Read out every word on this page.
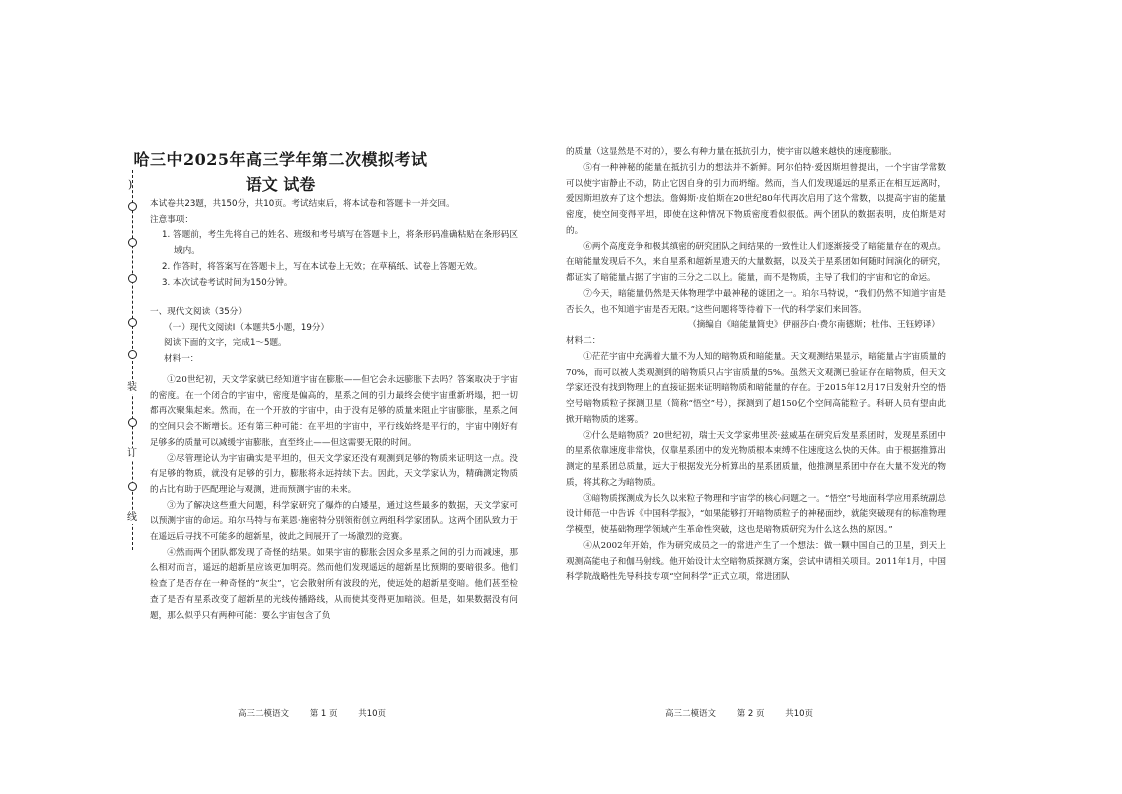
)
装
订
线
哈三中2025年高三学年第二次模拟考试
语文 试卷

本试卷共23题，共150分，共10页。考试结束后，将本试卷和答题卡一并交回。

注意事项：

1. 答题前，考生先将自己的姓名、班级和考号填写在答题卡上，将条形码准确粘贴在条形码区域内。

2. 作答时，将答案写在答题卡上，写在本试卷上无效；在草稿纸、试卷上答题无效。

3. 本次试卷考试时间为150分钟。

一、现代文阅读（35分）

（一）现代文阅读Ⅰ（本题共5小题，19分）

阅读下面的文字，完成1～5题。

材料一：

①20世纪初，天文学家就已经知道宇宙在膨胀——但它会永远膨胀下去吗？答案取决于宇宙的密度。在一个闭合的宇宙中，密度是偏高的，星系之间的引力最终会使宇宙重新坍塌，把一切都再次聚集起来。然而，在一个开放的宇宙中，由于没有足够的质量来阻止宇宙膨胀，星系之间的空间只会不断增长。还有第三种可能：在平坦的宇宙中，平行线始终是平行的，宇宙中刚好有足够多的质量可以减缓宇宙膨胀，直至终止——但这需要无限的时间。

②尽管理论认为宇宙确实是平坦的，但天文学家还没有观测到足够的物质来证明这一点。没有足够的物质，就没有足够的引力，膨胀将永远持续下去。因此，天文学家认为，精确测定物质的占比有助于匹配理论与观测，进而预测宇宙的未来。

③为了解决这些重大问题，科学家研究了爆炸的白矮星，通过这些最多的数据，天文学家可以预测宇宙的命运。珀尔马特与布莱恩·施密特分别领衔创立两组科学家团队。这两个团队致力于在遥远后寻找不可能多的超新星，彼此之间展开了一场激烈的竞赛。

④然而两个团队都发现了奇怪的结果。如果宇宙的膨胀会因众多星系之间的引力而减速，那么相对而言，遥远的超新星应该更加明亮。然而他们发现遥远的超新星比预期的要暗很多。他们检查了是否存在一种奇怪的“灰尘”，它会散射所有波段的光，使远处的超新星变暗。他们甚至检查了是否有星系改变了超新星的光线传播路线，从而使其变得更加暗淡。但是，如果数据没有问题，那么似乎只有两种可能：要么宇宙包含了负

高三二模语文 第 1 页 共10页

的质量（这显然是不对的），要么有种力量在抵抗引力，使宇宙以越来越快的速度膨胀。

⑤有一种神秘的能量在抵抗引力的想法并不新鲜。阿尔伯特·爱因斯坦曾提出，一个宇宙学常数可以使宇宙静止不动，防止它因自身的引力而坍缩。然而，当人们发现遥远的星系正在相互远离时，爱因斯坦放弃了这个想法。詹姆斯·皮伯斯在20世纪80年代再次启用了这个常数，以提高宇宙的能量密度，使空间变得平坦，即使在这种情况下物质密度看似很低。两个团队的数据表明，皮伯斯是对的。

⑥两个高度竞争和极其缜密的研究团队之间结果的一致性让人们逐渐接受了暗能量存在的观点。在暗能量发现后不久，来自星系和超新星遗天的大量数据，以及关于星系团如何随时间演化的研究，都证实了暗能量占据了宇宙的三分之二以上。能量，而不是物质，主导了我们的宇宙和它的命运。

⑦今天，暗能量仍然是天体物理学中最神秘的谜团之一。珀尔马特说，“我们仍然不知道宇宙是否长久，也不知道宇宙是否无限。”这些问题将等待着下一代的科学家们来回答。

（摘编自《暗能量简史》伊丽莎白·费尔南德斯；杜伟、王钰婷译）

材料二：

①茫茫宇宙中充满着大量不为人知的暗物质和暗能量。天文观测结果显示，暗能量占宇宙质量的70%，而可以被人类观测到的暗物质只占宇宙质量的5%。虽然天文观测已验证存在暗物质，但天文学家还没有找到物理上的直接证据来证明暗物质和暗能量的存在。于2015年12月17日发射升空的悟空号暗物质粒子探测卫星（简称“悟空”号），探测到了超150亿个空间高能粒子。科研人员有望由此掀开暗物质的迷雾。

②什么是暗物质？20世纪初，瑞士天文学家弗里茨·兹威基在研究后发星系团时，发现星系团中的星系依靠速度非常快，仅靠星系团中的发光物质根本束缚不住速度这么快的天体。由于根据推算出测定的星系团总质量，远大于根据发光分析算出的星系团质量，他推测星系团中存在大量不发光的物质，将其称之为暗物质。

③暗物质探测成为长久以来粒子物理和宇宙学的核心问题之一。“悟空”号地面科学应用系统副总设计师范一中告诉《中国科学报》，“如果能够打开暗物质粒子的神秘面纱，就能突破现有的标准物理学模型，使基础物理学领域产生革命性突破，这也是暗物质研究为什么这么热的原因。”

④从2002年开始，作为研究成员之一的常进产生了一个想法：做一颗中国自己的卫星，到天上观测高能电子和伽马射线。他开始设计太空暗物质探测方案，尝试申请相关项目。2011年1月，中国科学院战略性先导科技专项“空间科学”正式立项，常进团队

高三二模语文 第 2 页 共10页
